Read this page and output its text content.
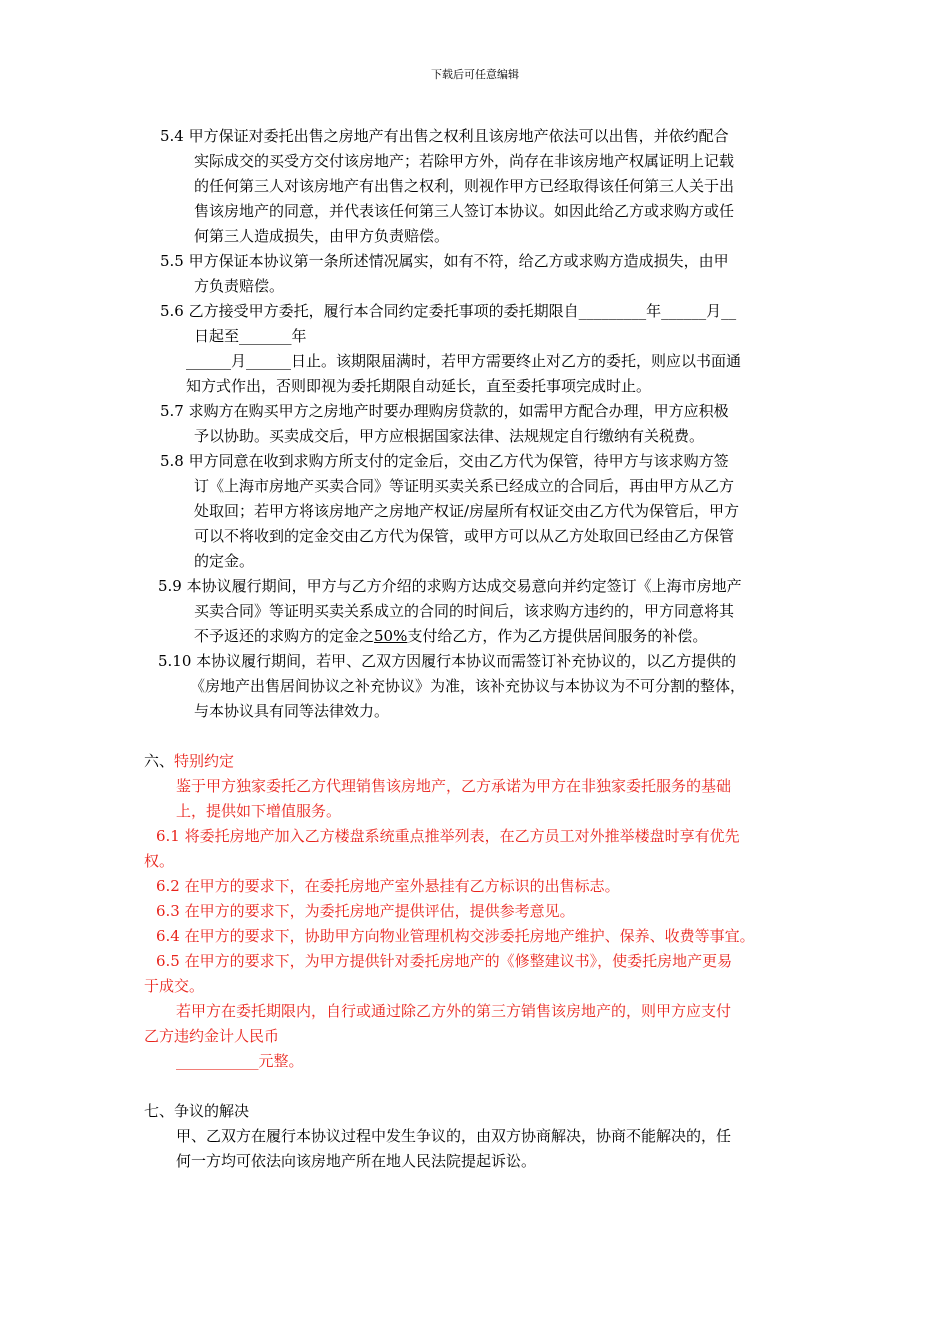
下载后可任意编辑
5.4 甲方保证对委托出售之房地产有出售之权利且该房地产依法可以出售，并依约配合
实际成交的买受方交付该房地产；若除甲方外，尚存在非该房地产权属证明上记载
的任何第三人对该房地产有出售之权利，则视作甲方已经取得该任何第三人关于出
售该房地产的同意，并代表该任何第三人签订本协议。如因此给乙方或求购方或任
何第三人造成损失，由甲方负责赔偿。
5.5 甲方保证本协议第一条所述情况属实，如有不符，给乙方或求购方造成损失，由甲
方负责赔偿。
5.6 乙方接受甲方委托，履行本合同约定委托事项的委托期限自_________年______月__
日起至_______年
______月______日止。该期限届满时，若甲方需要终止对乙方的委托，则应以书面通
知方式作出，否则即视为委托期限自动延长，直至委托事项完成时止。
5.7 求购方在购买甲方之房地产时要办理购房贷款的，如需甲方配合办理，甲方应积极
予以协助。买卖成交后，甲方应根据国家法律、法规规定自行缴纳有关税费。
5.8 甲方同意在收到求购方所支付的定金后，交由乙方代为保管，待甲方与该求购方签
订《上海市房地产买卖合同》等证明买卖关系已经成立的合同后，再由甲方从乙方
处取回；若甲方将该房地产之房地产权证/房屋所有权证交由乙方代为保管后，甲方
可以不将收到的定金交由乙方代为保管，或甲方可以从乙方处取回已经由乙方保管
的定金。
5.9 本协议履行期间，甲方与乙方介绍的求购方达成交易意向并约定签订《上海市房地产
买卖合同》等证明买卖关系成立的合同的时间后，该求购方违约的，甲方同意将其
不予返还的求购方的定金之50%支付给乙方，作为乙方提供居间服务的补偿。
5.10 本协议履行期间，若甲、乙双方因履行本协议而需签订补充协议的，以乙方提供的
《房地产出售居间协议之补充协议》为准，该补充协议与本协议为不可分割的整体，
与本协议具有同等法律效力。
六、特别约定
鉴于甲方独家委托乙方代理销售该房地产，乙方承诺为甲方在非独家委托服务的基础
上，提供如下增值服务。
6.1 将委托房地产加入乙方楼盘系统重点推举列表，在乙方员工对外推举楼盘时享有优先
权。
6.2 在甲方的要求下，在委托房地产室外悬挂有乙方标识的出售标志。
6.3 在甲方的要求下，为委托房地产提供评估，提供参考意见。
6.4 在甲方的要求下，协助甲方向物业管理机构交涉委托房地产维护、保养、收费等事宜。
6.5 在甲方的要求下，为甲方提供针对委托房地产的《修整建议书》，使委托房地产更易
于成交。
若甲方在委托期限内，自行或通过除乙方外的第三方销售该房地产的，则甲方应支付
乙方违约金计人民币
___________元整。
七、争议的解决
甲、乙双方在履行本协议过程中发生争议的，由双方协商解决，协商不能解决的，任
何一方均可依法向该房地产所在地人民法院提起诉讼。
